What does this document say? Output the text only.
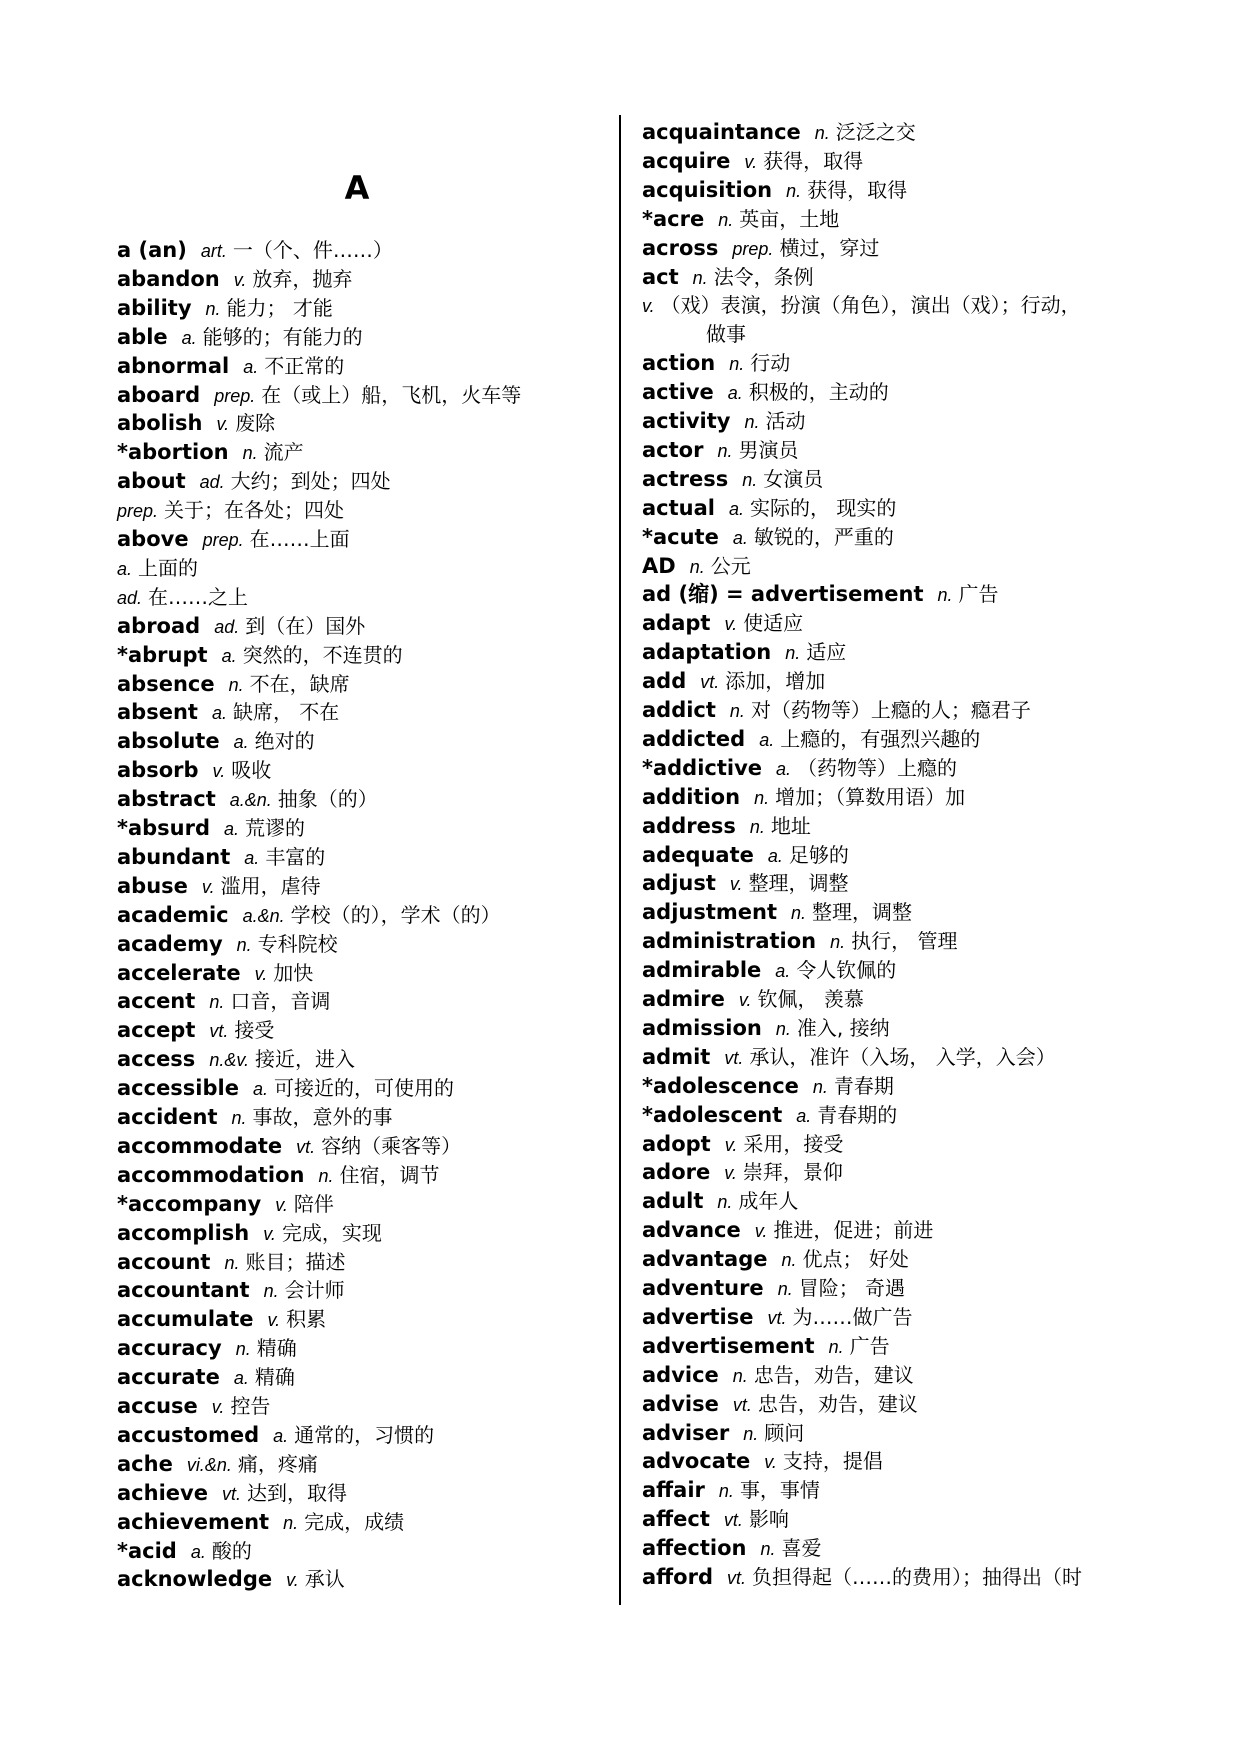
A
a (an) art. 一（个、件……）
abandon v. 放弃，抛弃
ability n. 能力； 才能
able a. 能够的；有能力的
abnormal a. 不正常的
aboard prep. 在（或上）船，飞机，火车等
abolish v. 废除
*abortion n. 流产
about ad. 大约；到处；四处
prep. 关于；在各处；四处
above prep. 在……上面
a. 上面的
ad. 在……之上
abroad ad. 到（在）国外
*abrupt a. 突然的，不连贯的
absence n. 不在，缺席
absent a. 缺席， 不在
absolute a. 绝对的
absorb v. 吸收
abstract a.&n. 抽象（的）
*absurd a. 荒谬的
abundant a. 丰富的
abuse v. 滥用，虐待
academic a.&n. 学校（的），学术（的）
academy n. 专科院校
accelerate v. 加快
accent n. 口音，音调
accept vt. 接受
access n.&v. 接近，进入
accessible a. 可接近的，可使用的
accident n. 事故，意外的事
accommodate vt. 容纳（乘客等）
accommodation n. 住宿，调节
*accompany v. 陪伴
accomplish v. 完成，实现
account n. 账目；描述
accountant n. 会计师
accumulate v. 积累
accuracy n. 精确
accurate a. 精确
accuse v. 控告
accustomed a. 通常的，习惯的
ache vi.&n. 痛，疼痛
achieve vt. 达到，取得
achievement n. 完成，成绩
*acid a. 酸的
acknowledge v. 承认
acquaintance n. 泛泛之交
acquire v. 获得，取得
acquisition n. 获得，取得
*acre n. 英亩，土地
across prep. 横过，穿过
act n. 法令，条例
v. （戏）表演，扮演（角色），演出（戏）；行动，
做事
action n. 行动
active a. 积极的，主动的
activity n. 活动
actor n. 男演员
actress n. 女演员
actual a. 实际的， 现实的
*acute a. 敏锐的，严重的
AD n. 公元
ad (缩) = advertisement n. 广告
adapt v. 使适应
adaptation n. 适应
add vt. 添加，增加
addict n. 对（药物等）上瘾的人；瘾君子
addicted a. 上瘾的，有强烈兴趣的
*addictive a. （药物等）上瘾的
addition n. 增加；（算数用语）加
address n. 地址
adequate a. 足够的
adjust v. 整理，调整
adjustment n. 整理，调整
administration n. 执行， 管理
admirable a. 令人钦佩的
admire v. 钦佩， 羡慕
admission n. 准入, 接纳
admit vt. 承认，准许（入场， 入学，入会）
*adolescence n. 青春期
*adolescent a. 青春期的
adopt v. 采用，接受
adore v. 崇拜，景仰
adult n. 成年人
advance v. 推进，促进；前进
advantage n. 优点； 好处
adventure n. 冒险； 奇遇
advertise vt. 为……做广告
advertisement n. 广告
advice n. 忠告，劝告，建议
advise vt. 忠告，劝告，建议
adviser n. 顾问
advocate v. 支持，提倡
affair n. 事，事情
affect vt. 影响
affection n. 喜爱
afford vt. 负担得起（……的费用）；抽得出（时
